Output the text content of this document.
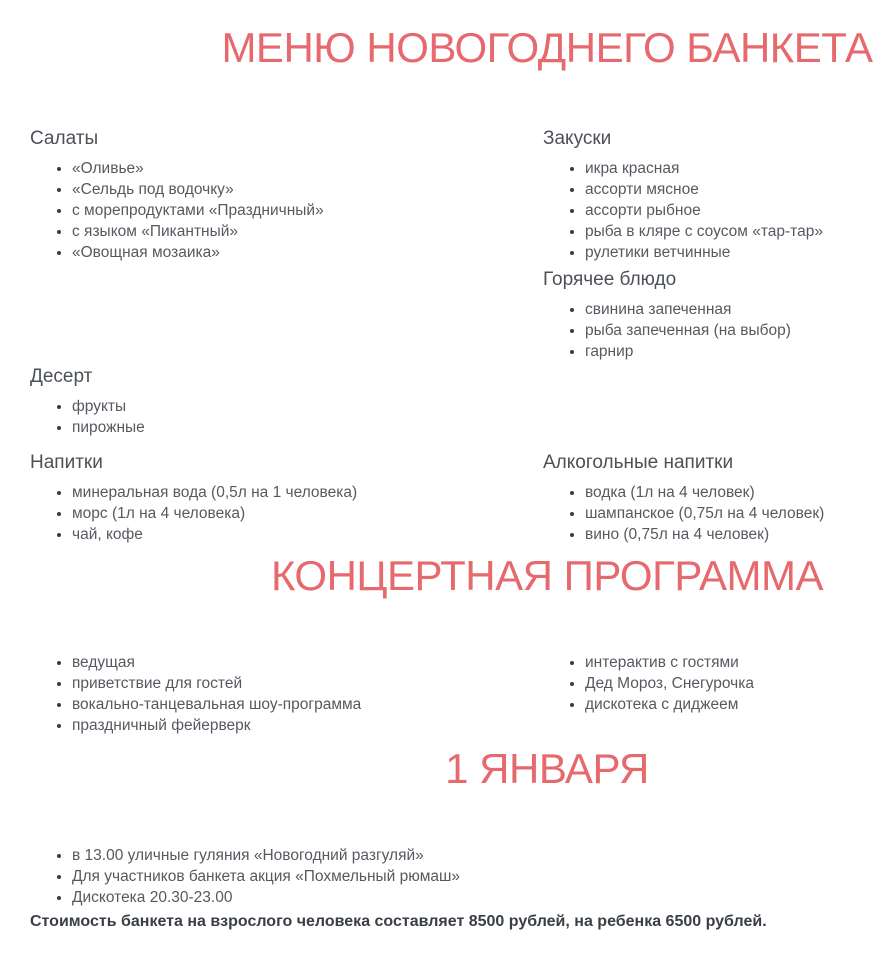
МЕНЮ НОВОГОДНЕГО БАНКЕТА
Салаты
• «Оливье»
• «Сельдь под водочку»
• с морепродуктами «Праздничный»
• с языком «Пикантный»
• «Овощная мозаика»
Закуски
• икра красная
• ассорти мясное
• ассорти рыбное
• рыба в кляре с соусом «тар-тар»
• рулетики ветчинные
Горячее блюдо
• свинина запеченная
• рыба запеченная (на выбор)
• гарнир
Десерт
• фрукты
• пирожные
Напитки
• минеральная вода (0,5л на 1 человека)
• морс (1л на 4 человека)
• чай, кофе
Алкогольные напитки
• водка (1л на 4 человек)
• шампанское (0,75л на 4 человек)
• вино (0,75л на 4 человек)
КОНЦЕРТНАЯ ПРОГРАММА
• ведущая
• приветствие для гостей
• вокально-танцевальная шоу-программа
• праздничный фейерверк
• интерактив с гостями
• Дед Мороз, Снегурочка
• дискотека с диджеем
1 ЯНВАРЯ
• в 13.00 уличные гуляния «Новогодний разгуляй»
• Для участников банкета акция «Похмельный рюмаш»
• Дискотека 20.30-23.00

Стоимость банкета на взрослого человека составляет 8500 рублей, на ребенка 6500 рублей.
